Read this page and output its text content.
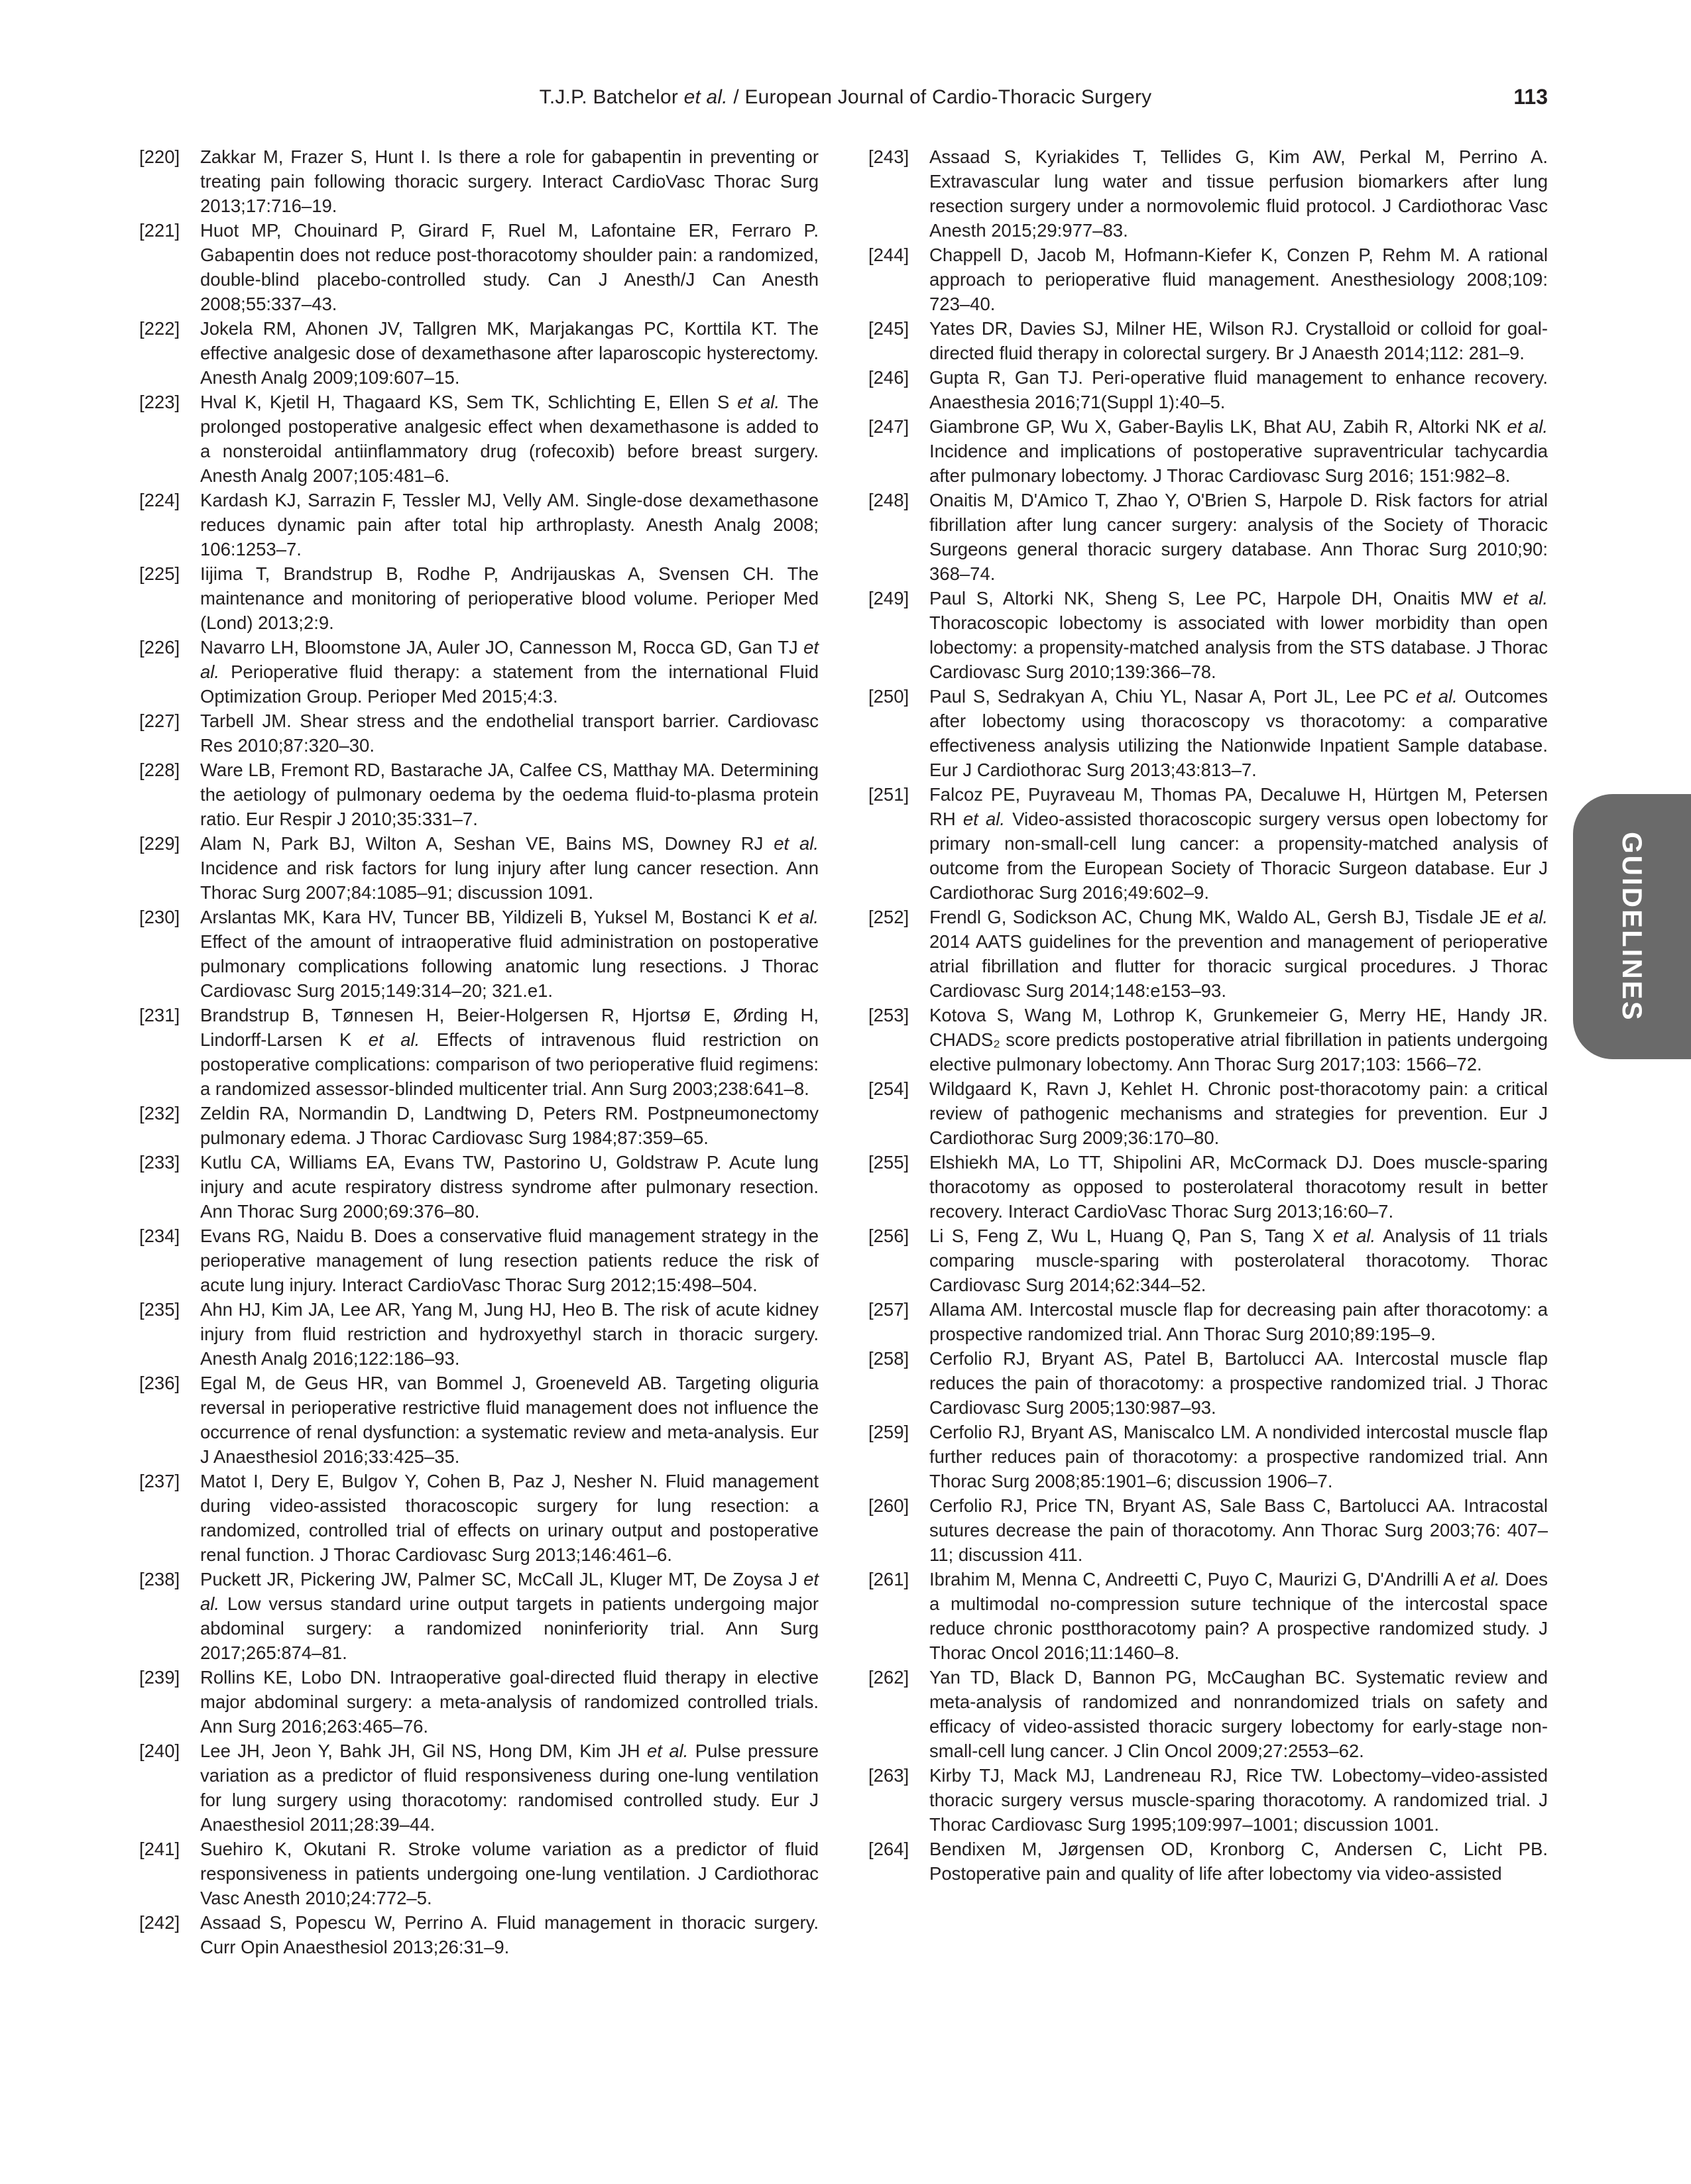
T.J.P. Batchelor et al. / European Journal of Cardio-Thoracic Surgery	113
[220]	Zakkar M, Frazer S, Hunt I. Is there a role for gabapentin in preventing or treating pain following thoracic surgery. Interact CardioVasc Thorac Surg 2013;17:716–19.
[221]	Huot MP, Chouinard P, Girard F, Ruel M, Lafontaine ER, Ferraro P. Gabapentin does not reduce post-thoracotomy shoulder pain: a randomized, double-blind placebo-controlled study. Can J Anesth/J Can Anesth 2008;55:337–43.
[222]	Jokela RM, Ahonen JV, Tallgren MK, Marjakangas PC, Korttila KT. The effective analgesic dose of dexamethasone after laparoscopic hysterectomy. Anesth Analg 2009;109:607–15.
[223]	Hval K, Kjetil H, Thagaard KS, Sem TK, Schlichting E, Ellen S et al. The prolonged postoperative analgesic effect when dexamethasone is added to a nonsteroidal antiinflammatory drug (rofecoxib) before breast surgery. Anesth Analg 2007;105:481–6.
[224]	Kardash KJ, Sarrazin F, Tessler MJ, Velly AM. Single-dose dexamethasone reduces dynamic pain after total hip arthroplasty. Anesth Analg 2008; 106:1253–7.
[225]	Iijima T, Brandstrup B, Rodhe P, Andrijauskas A, Svensen CH. The maintenance and monitoring of perioperative blood volume. Perioper Med (Lond) 2013;2:9.
[226]	Navarro LH, Bloomstone JA, Auler JO, Cannesson M, Rocca GD, Gan TJ et al. Perioperative fluid therapy: a statement from the international Fluid Optimization Group. Perioper Med 2015;4:3.
[227]	Tarbell JM. Shear stress and the endothelial transport barrier. Cardiovasc Res 2010;87:320–30.
[228]	Ware LB, Fremont RD, Bastarache JA, Calfee CS, Matthay MA. Determining the aetiology of pulmonary oedema by the oedema fluid-to-plasma protein ratio. Eur Respir J 2010;35:331–7.
[229]	Alam N, Park BJ, Wilton A, Seshan VE, Bains MS, Downey RJ et al. Incidence and risk factors for lung injury after lung cancer resection. Ann Thorac Surg 2007;84:1085–91; discussion 1091.
[230]	Arslantas MK, Kara HV, Tuncer BB, Yildizeli B, Yuksel M, Bostanci K et al. Effect of the amount of intraoperative fluid administration on postoperative pulmonary complications following anatomic lung resections. J Thorac Cardiovasc Surg 2015;149:314–20; 321.e1.
[231]	Brandstrup B, Tønnesen H, Beier-Holgersen R, Hjortsø E, Ørding H, Lindorff-Larsen K et al. Effects of intravenous fluid restriction on postoperative complications: comparison of two perioperative fluid regimens: a randomized assessor-blinded multicenter trial. Ann Surg 2003;238:641–8.
[232]	Zeldin RA, Normandin D, Landtwing D, Peters RM. Postpneumonectomy pulmonary edema. J Thorac Cardiovasc Surg 1984;87:359–65.
[233]	Kutlu CA, Williams EA, Evans TW, Pastorino U, Goldstraw P. Acute lung injury and acute respiratory distress syndrome after pulmonary resection. Ann Thorac Surg 2000;69:376–80.
[234]	Evans RG, Naidu B. Does a conservative fluid management strategy in the perioperative management of lung resection patients reduce the risk of acute lung injury. Interact CardioVasc Thorac Surg 2012;15:498–504.
[235]	Ahn HJ, Kim JA, Lee AR, Yang M, Jung HJ, Heo B. The risk of acute kidney injury from fluid restriction and hydroxyethyl starch in thoracic surgery. Anesth Analg 2016;122:186–93.
[236]	Egal M, de Geus HR, van Bommel J, Groeneveld AB. Targeting oliguria reversal in perioperative restrictive fluid management does not influence the occurrence of renal dysfunction: a systematic review and meta-analysis. Eur J Anaesthesiol 2016;33:425–35.
[237]	Matot I, Dery E, Bulgov Y, Cohen B, Paz J, Nesher N. Fluid management during video-assisted thoracoscopic surgery for lung resection: a randomized, controlled trial of effects on urinary output and postoperative renal function. J Thorac Cardiovasc Surg 2013;146:461–6.
[238]	Puckett JR, Pickering JW, Palmer SC, McCall JL, Kluger MT, De Zoysa J et al. Low versus standard urine output targets in patients undergoing major abdominal surgery: a randomized noninferiority trial. Ann Surg 2017;265:874–81.
[239]	Rollins KE, Lobo DN. Intraoperative goal-directed fluid therapy in elective major abdominal surgery: a meta-analysis of randomized controlled trials. Ann Surg 2016;263:465–76.
[240]	Lee JH, Jeon Y, Bahk JH, Gil NS, Hong DM, Kim JH et al. Pulse pressure variation as a predictor of fluid responsiveness during one-lung ventilation for lung surgery using thoracotomy: randomised controlled study. Eur J Anaesthesiol 2011;28:39–44.
[241]	Suehiro K, Okutani R. Stroke volume variation as a predictor of fluid responsiveness in patients undergoing one-lung ventilation. J Cardiothorac Vasc Anesth 2010;24:772–5.
[242]	Assaad S, Popescu W, Perrino A. Fluid management in thoracic surgery. Curr Opin Anaesthesiol 2013;26:31–9.
[243]	Assaad S, Kyriakides T, Tellides G, Kim AW, Perkal M, Perrino A. Extravascular lung water and tissue perfusion biomarkers after lung resection surgery under a normovolemic fluid protocol. J Cardiothorac Vasc Anesth 2015;29:977–83.
[244]	Chappell D, Jacob M, Hofmann-Kiefer K, Conzen P, Rehm M. A rational approach to perioperative fluid management. Anesthesiology 2008;109: 723–40.
[245]	Yates DR, Davies SJ, Milner HE, Wilson RJ. Crystalloid or colloid for goal-directed fluid therapy in colorectal surgery. Br J Anaesth 2014;112: 281–9.
[246]	Gupta R, Gan TJ. Peri-operative fluid management to enhance recovery. Anaesthesia 2016;71(Suppl 1):40–5.
[247]	Giambrone GP, Wu X, Gaber-Baylis LK, Bhat AU, Zabih R, Altorki NK et al. Incidence and implications of postoperative supraventricular tachycardia after pulmonary lobectomy. J Thorac Cardiovasc Surg 2016; 151:982–8.
[248]	Onaitis M, D'Amico T, Zhao Y, O'Brien S, Harpole D. Risk factors for atrial fibrillation after lung cancer surgery: analysis of the Society of Thoracic Surgeons general thoracic surgery database. Ann Thorac Surg 2010;90: 368–74.
[249]	Paul S, Altorki NK, Sheng S, Lee PC, Harpole DH, Onaitis MW et al. Thoracoscopic lobectomy is associated with lower morbidity than open lobectomy: a propensity-matched analysis from the STS database. J Thorac Cardiovasc Surg 2010;139:366–78.
[250]	Paul S, Sedrakyan A, Chiu YL, Nasar A, Port JL, Lee PC et al. Outcomes after lobectomy using thoracoscopy vs thoracotomy: a comparative effectiveness analysis utilizing the Nationwide Inpatient Sample database. Eur J Cardiothorac Surg 2013;43:813–7.
[251]	Falcoz PE, Puyraveau M, Thomas PA, Decaluwe H, Hürtgen M, Petersen RH et al. Video-assisted thoracoscopic surgery versus open lobectomy for primary non-small-cell lung cancer: a propensity-matched analysis of outcome from the European Society of Thoracic Surgeon database. Eur J Cardiothorac Surg 2016;49:602–9.
[252]	Frendl G, Sodickson AC, Chung MK, Waldo AL, Gersh BJ, Tisdale JE et al. 2014 AATS guidelines for the prevention and management of perioperative atrial fibrillation and flutter for thoracic surgical procedures. J Thorac Cardiovasc Surg 2014;148:e153–93.
[253]	Kotova S, Wang M, Lothrop K, Grunkemeier G, Merry HE, Handy JR. CHADS₂ score predicts postoperative atrial fibrillation in patients undergoing elective pulmonary lobectomy. Ann Thorac Surg 2017;103: 1566–72.
[254]	Wildgaard K, Ravn J, Kehlet H. Chronic post-thoracotomy pain: a critical review of pathogenic mechanisms and strategies for prevention. Eur J Cardiothorac Surg 2009;36:170–80.
[255]	Elshiekh MA, Lo TT, Shipolini AR, McCormack DJ. Does muscle-sparing thoracotomy as opposed to posterolateral thoracotomy result in better recovery. Interact CardioVasc Thorac Surg 2013;16:60–7.
[256]	Li S, Feng Z, Wu L, Huang Q, Pan S, Tang X et al. Analysis of 11 trials comparing muscle-sparing with posterolateral thoracotomy. Thorac Cardiovasc Surg 2014;62:344–52.
[257]	Allama AM. Intercostal muscle flap for decreasing pain after thoracotomy: a prospective randomized trial. Ann Thorac Surg 2010;89:195–9.
[258]	Cerfolio RJ, Bryant AS, Patel B, Bartolucci AA. Intercostal muscle flap reduces the pain of thoracotomy: a prospective randomized trial. J Thorac Cardiovasc Surg 2005;130:987–93.
[259]	Cerfolio RJ, Bryant AS, Maniscalco LM. A nondivided intercostal muscle flap further reduces pain of thoracotomy: a prospective randomized trial. Ann Thorac Surg 2008;85:1901–6; discussion 1906–7.
[260]	Cerfolio RJ, Price TN, Bryant AS, Sale Bass C, Bartolucci AA. Intracostal sutures decrease the pain of thoracotomy. Ann Thorac Surg 2003;76: 407–11; discussion 411.
[261]	Ibrahim M, Menna C, Andreetti C, Puyo C, Maurizi G, D'Andrilli A et al. Does a multimodal no-compression suture technique of the intercostal space reduce chronic postthoracotomy pain? A prospective randomized study. J Thorac Oncol 2016;11:1460–8.
[262]	Yan TD, Black D, Bannon PG, McCaughan BC. Systematic review and meta-analysis of randomized and nonrandomized trials on safety and efficacy of video-assisted thoracic surgery lobectomy for early-stage non-small-cell lung cancer. J Clin Oncol 2009;27:2553–62.
[263]	Kirby TJ, Mack MJ, Landreneau RJ, Rice TW. Lobectomy–video-assisted thoracic surgery versus muscle-sparing thoracotomy. A randomized trial. J Thorac Cardiovasc Surg 1995;109:997–1001; discussion 1001.
[264]	Bendixen M, Jørgensen OD, Kronborg C, Andersen C, Licht PB. Postoperative pain and quality of life after lobectomy via video-assisted
GUIDELINES
